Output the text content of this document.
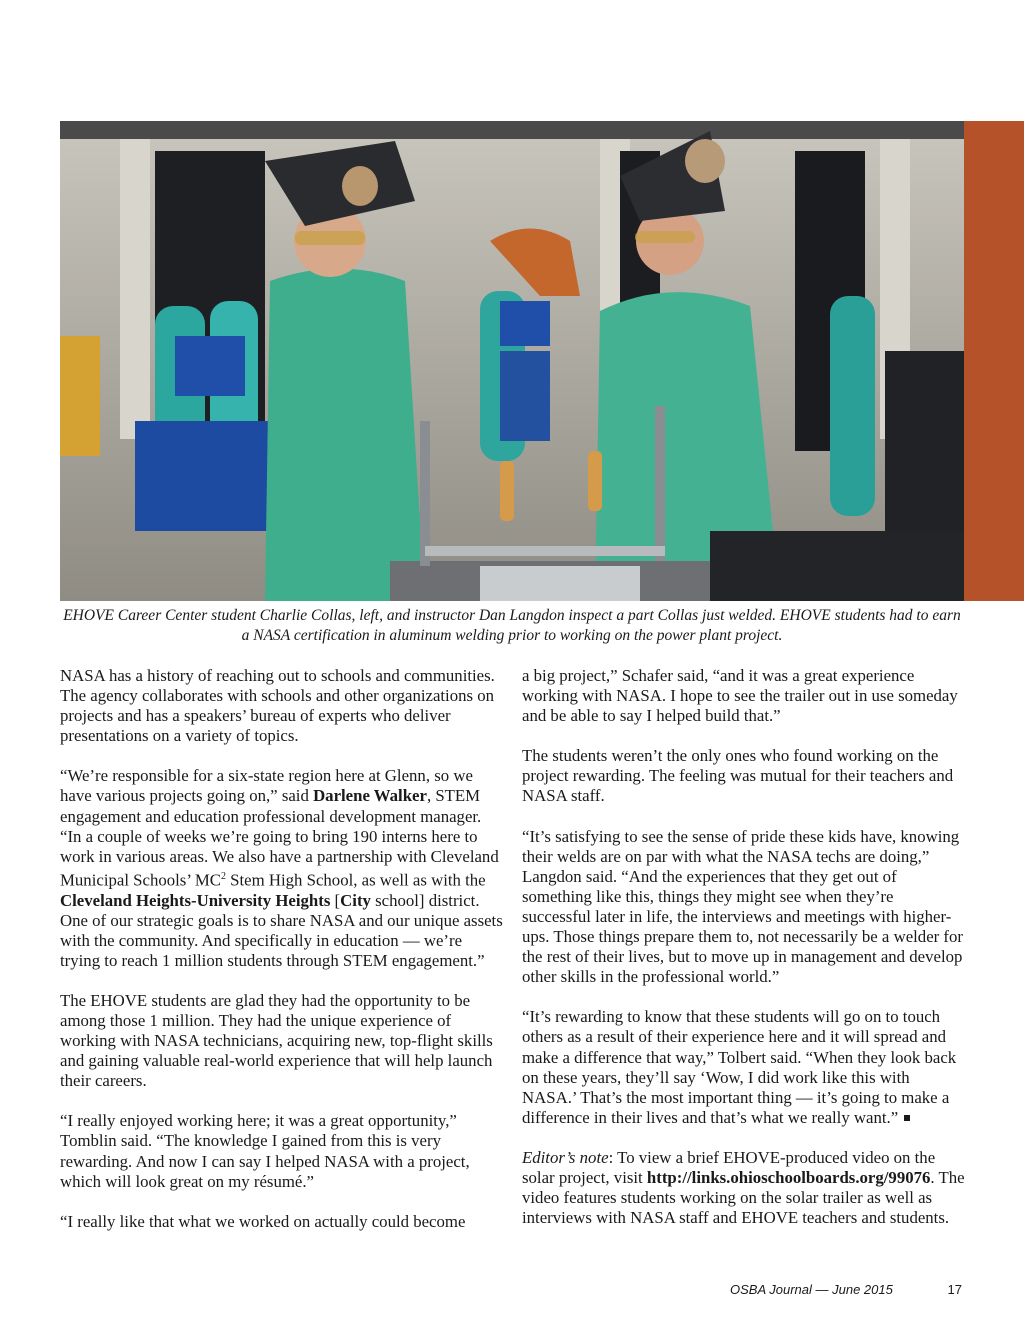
EHOVE Career Center student Charlie Collas, left, and instructor Dan Langdon inspect a part Collas just welded. EHOVE students had to earn a NASA certification in aluminum welding prior to working on the power plant project.

NASA has a history of reaching out to schools and communities. The agency collaborates with schools and other organizations on projects and has a speakers’ bureau of experts who deliver presentations on a variety of topics.

“We’re responsible for a six-state region here at Glenn, so we have various projects going on,” said Darlene Walker, STEM engagement and education professional development manager. “In a couple of weeks we’re going to bring 190 interns here to work in various areas. We also have a partnership with Cleveland Municipal Schools’ $MC^2$ Stem High School, as well as with the Cleveland Heights-University Heights [City school] district. One of our strategic goals is to share NASA and our unique assets with the community. And specifically in education — we’re trying to reach 1 million students through STEM engagement.”

The EHOVE students are glad they had the opportunity to be among those 1 million. They had the unique experience of working with NASA technicians, acquiring new, top-flight skills and gaining valuable real-world experience that will help launch their careers.

“I really enjoyed working here; it was a great opportunity,” Tomblin said. “The knowledge I gained from this is very rewarding. And now I can say I helped NASA with a project, which will look great on my résumé.”

“I really like that what we worked on actually could become

a big project,” Schafer said, “and it was a great experience working with NASA. I hope to see the trailer out in use someday and be able to say I helped build that.”

The students weren’t the only ones who found working on the project rewarding. The feeling was mutual for their teachers and NASA staff.

“It’s satisfying to see the sense of pride these kids have, knowing their welds are on par with what the NASA techs are doing,” Langdon said. “And the experiences that they get out of something like this, things they might see when they’re successful later in life, the interviews and meetings with higher-ups. Those things prepare them to, not necessarily be a welder for the rest of their lives, but to move up in management and develop other skills in the professional world.”

“It’s rewarding to know that these students will go on to touch others as a result of their experience here and it will spread and make a difference that way,” Tolbert said. “When they look back on these years, they’ll say ‘Wow, I did work like this with NASA.’ That’s the most important thing — it’s going to make a difference in their lives and that’s what we really want.”

Editor’s note: To view a brief EHOVE-produced video on the solar project, visit http://links.ohioschoolboards.org/99076. The video features students working on the solar trailer as well as interviews with NASA staff and EHOVE teachers and students.

OSBA Journal — June 2015	17
